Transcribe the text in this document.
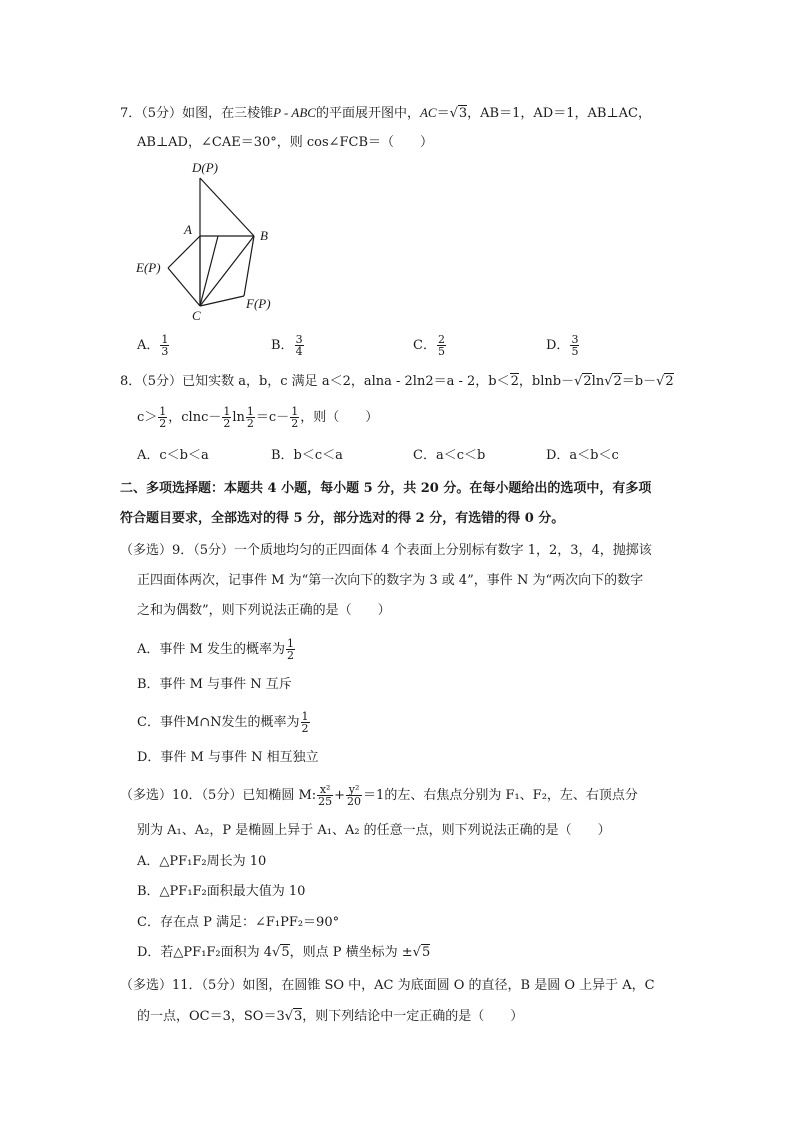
7．（5分）如图，在三棱锥P - ABC的平面展开图中，AC＝√3，AB＝1，AD＝1，AB⊥AC，
AB⊥AD，∠CAE＝30°，则 cos∠FCB＝（　　）
D(P)
A	B
E(P)
F(P)
C
A． $\frac{1}{3}$	B． $\frac{3}{4}$	C． $\frac{2}{5}$	D． $\frac{3}{5}$
8．（5分）已知实数 a，b，c 满足 a＜2，alna - 2ln2＝a - 2，b＜2，blnb－√2ln√2＝b－√2
$c> \frac{1}{2}$ ，$clnc- \frac{1}{2}$ $\ln \frac{1}{2} =c- \frac{1}{2}$ ，则（　　）
A．c＜b＜a	B．b＜c＜a	C．a＜c＜b	D．a＜b＜c
二、多项选择题：本题共 4 小题，每小题 5 分，共 20 分。在每小题给出的选项中，有多项
符合题目要求，全部选对的得 5 分，部分选对的得 2 分，有选错的得 0 分。
（多选）9．（5分）一个质地均匀的正四面体 4 个表面上分别标有数字 1，2，3，4，抛掷该
正四面体两次，记事件 M 为“第一次向下的数字为 3 或 4”，事件 N 为“两次向下的数字
之和为偶数”，则下列说法正确的是（　　）
A．事件 M 发生的概率为 $\frac{1}{2}$
B．事件 M 与事件 N 互斥
C．事件M∩N发生的概率为 $\frac{1}{2}$
D．事件 M 与事件 N 相互独立
（多选）10．（5分）已知椭圆 M: $\frac{\text{x²}}{25} + \frac{\text{y²}}{20} =1$的左、右焦点分别为 F₁、F₂，左、右顶点分
别为 A₁、A₂，P 是椭圆上异于 A₁、A₂ 的任意一点，则下列说法正确的是（　　）
A．△PF₁F₂周长为 10
B．△PF₁F₂面积最大值为 10
C．存在点 P 满足：∠F₁PF₂＝90°
D．若△PF₁F₂面积为 4√5，则点 P 横坐标为 ±√5
（多选）11．（5分）如图，在圆锥 SO 中，AC 为底面圆 O 的直径，B 是圆 O 上异于 A，C
的一点，OC＝3，SO＝3√3，则下列结论中一定正确的是（　　）
